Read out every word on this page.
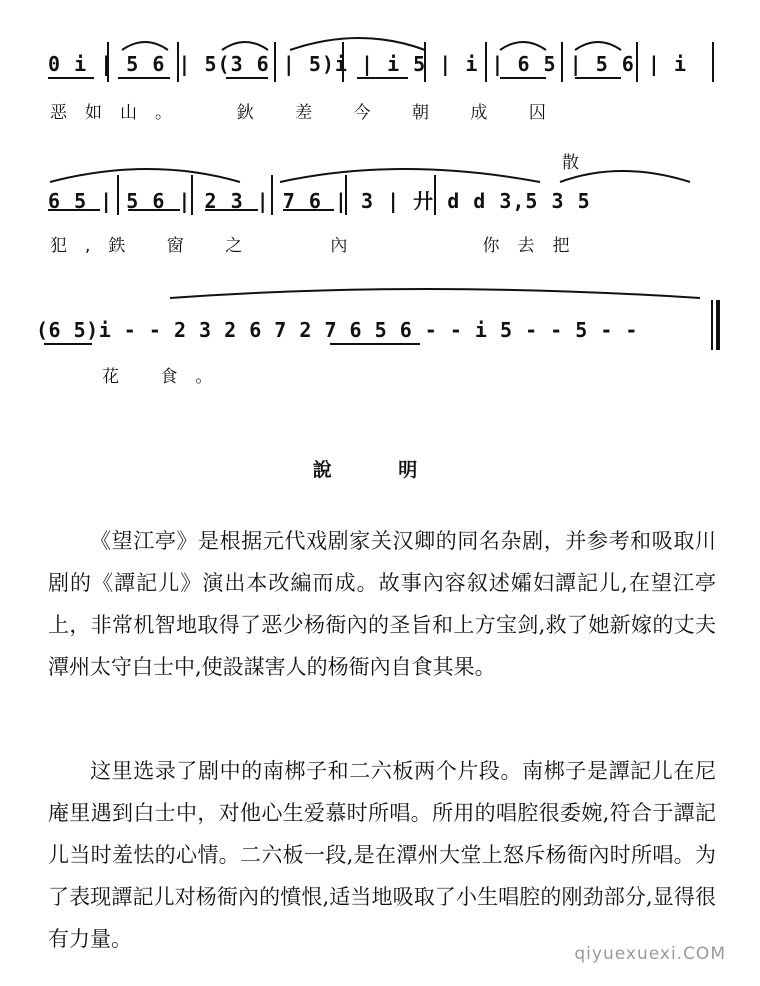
0 i | 5 6 | 5(3 6 | 5)i | i 5 | i | 6 5 | 5 6 | i
恶如山。  鈥 差 今 朝 成 囚
散
6 5 | 5 6 | 2 3 | 7 6 | 3 | 廾 d d 3,5 3 5
犯,鉄 窗 之   內     你去把
(6 5)i - - 2 3 2 6 7 2 7 6 5 6 - - i 5 - - 5 - -
花 食。
說 明
《望江亭》是根据元代戏剧家关汉卿的同名杂剧，并参考和吸取川剧的《譚記儿》演出本改編而成。故事內容叙述孀妇譚記儿,在望江亭上，非常机智地取得了恶少杨衙內的圣旨和上方宝剑,救了她新嫁的丈夫潭州太守白士中,使設謀害人的杨衙內自食其果。
这里选录了剧中的南梆子和二六板两个片段。南梆子是譚記儿在尼庵里遇到白士中，对他心生爱慕时所唱。所用的唱腔很委婉,符合于譚記儿当时羞怯的心情。二六板一段,是在潭州大堂上怒斥杨衙內时所唱。为了表现譚記儿对杨衙內的憤恨,适当地吸取了小生唱腔的刚劲部分,显得很有力量。
qiyuexuexi.COM
